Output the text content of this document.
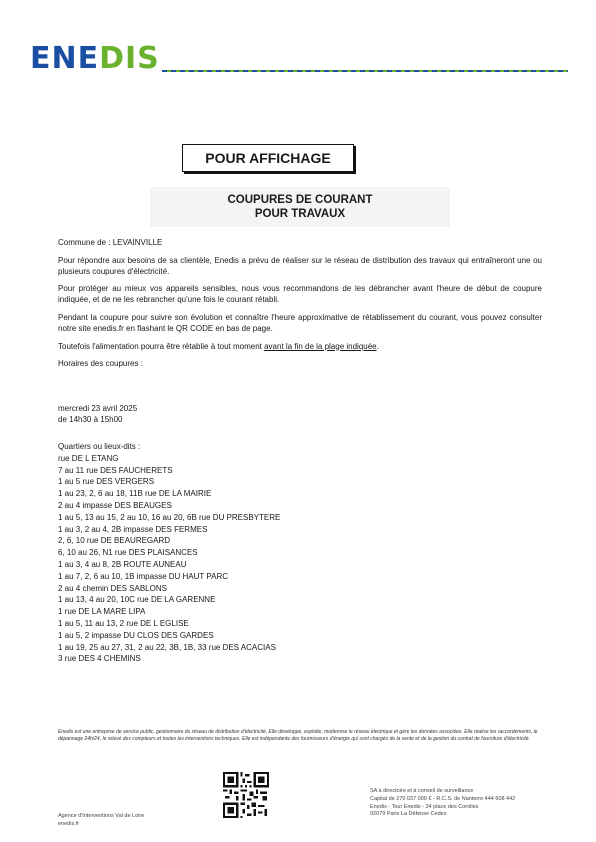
ENEDIS
POUR AFFICHAGE
COUPURES DE COURANT
POUR TRAVAUX

Commune de : LEVAINVILLE

Pour répondre aux besoins de sa clientèle, Enedis a prévu de réaliser sur le réseau de distribution des travaux qui entraîneront une ou plusieurs coupures d'électricité.

Pour protéger au mieux vos appareils sensibles, nous vous recommandons de les débrancher avant l'heure de début de coupure indiquée, et de ne les rebrancher qu'une fois le courant rétabli.

Pendant la coupure pour suivre son évolution et connaître l'heure approximative de rétablissement du courant, vous pouvez consulter notre site enedis.fr en flashant le QR CODE en bas de page.

Toutefois l'alimentation pourra être rétablie à tout moment avant la fin de la plage indiquée.

Horaires des coupures :

mercredi 23 avril 2025
de 14h30 à 15h00
Quartiers ou lieux-dits :
rue DE L ETANG
7 au 11 rue DES FAUCHERETS
1 au 5 rue DES VERGERS
1 au 23, 2, 6 au 18, 11B rue DE LA MAIRIE
2 au 4 impasse DES BEAUGES
1 au 5, 13 au 15, 2 au 10, 16 au 20, 6B rue DU PRESBYTERE
1 au 3, 2 au 4, 2B impasse DES FERMES
2, 6, 10 rue DE BEAUREGARD
6, 10 au 26, N1 rue DES PLAISANCES
1 au 3, 4 au 8, 2B ROUTE AUNEAU
1 au 7, 2, 6 au 10, 1B impasse DU HAUT PARC
2 au 4 chemin DES SABLONS
1 au 13, 4 au 20, 10C rue DE LA GARENNE
1 rue DE LA MARE LIPA
1 au 5, 11 au 13, 2 rue DE L EGLISE
1 au 5, 2 impasse DU CLOS DES GARDES
1 au 19, 25 au 27, 31, 2 au 22, 3B, 1B, 33 rue DES ACACIAS
3 rue DES 4 CHEMINS
Enedis est une entreprise de service public, gestionnaire du réseau de distribution d'électricité. Elle développe, exploite, modernise le réseau électrique et gère les données associées. Elle réalise les raccordements, le dépannage 24h/24, le relevé des compteurs et toutes les interventions techniques. Elle est indépendante des fournisseurs d'énergie qui sont chargés de la vente et de la gestion du contrat de fourniture d'électricité.
Agence d'Interventions Val de Loire
enedis.fr
SA à directoire et à conseil de surveillance
Capital de 270 037 000 € - R.C.S. de Nanterre 444 608 442
Enedis - Tour Enedis - 34 place des Corolles
92079 Paris La Défense Cedex
